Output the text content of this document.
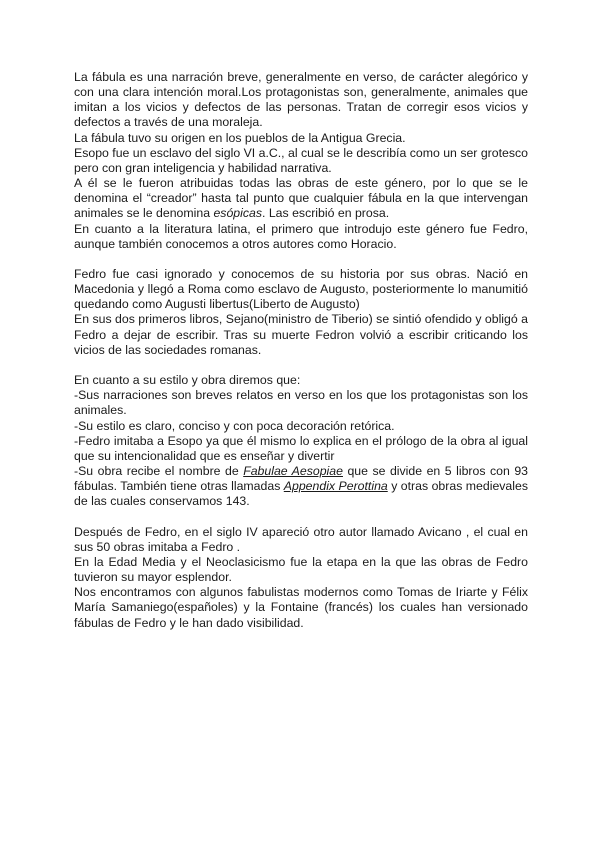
La fábula es una narración breve, generalmente en verso, de carácter alegórico y con una clara intención moral.Los protagonistas son, generalmente, animales que imitan a los vicios y defectos de las personas. Tratan de corregir esos vicios y defectos a través de una moraleja.

La fábula tuvo su origen en los pueblos de la Antigua Grecia.

Esopo fue un esclavo del siglo VI a.C., al cual se le describía como un ser grotesco pero con gran inteligencia y habilidad narrativa.

A él se le fueron atribuidas todas las obras de este género, por lo que se le denomina el “creador” hasta tal punto que cualquier fábula en la que intervengan animales se le denomina esópicas. Las escribió en prosa.

En cuanto a la literatura latina, el primero que introdujo este género fue Fedro, aunque también conocemos a otros autores como Horacio.

Fedro fue casi ignorado y conocemos de su historia por sus obras. Nació en Macedonia y llegó a Roma como esclavo de Augusto, posteriormente lo manumitió quedando como Augusti libertus(Liberto de Augusto)

En sus dos primeros libros, Sejano(ministro de Tiberio) se sintió ofendido y obligó a Fedro a dejar de escribir. Tras su muerte Fedron volvió a escribir criticando los vicios de las sociedades romanas.

En cuanto a su estilo y obra diremos que:

-Sus narraciones son breves relatos en verso en los que los protagonistas son los animales.

-Su estilo es claro, conciso y con poca decoración retórica.

-Fedro imitaba a Esopo ya que él mismo lo explica en el prólogo de la obra al igual que su intencionalidad que es enseñar y divertir

-Su obra recibe el nombre de Fabulae Aesopiae que se divide en 5 libros con 93 fábulas. También tiene otras llamadas Appendix Perottina y otras obras medievales de las cuales conservamos 143.

Después de Fedro, en el siglo IV apareció otro autor llamado Avicano , el cual en sus 50 obras imitaba a Fedro .

En la Edad Media y el Neoclasicismo fue la etapa en la que las obras de Fedro tuvieron su mayor esplendor.

Nos encontramos con algunos fabulistas modernos como Tomas de Iriarte y Félix María Samaniego(españoles) y la Fontaine (francés) los cuales han versionado fábulas de Fedro y le han dado visibilidad.
